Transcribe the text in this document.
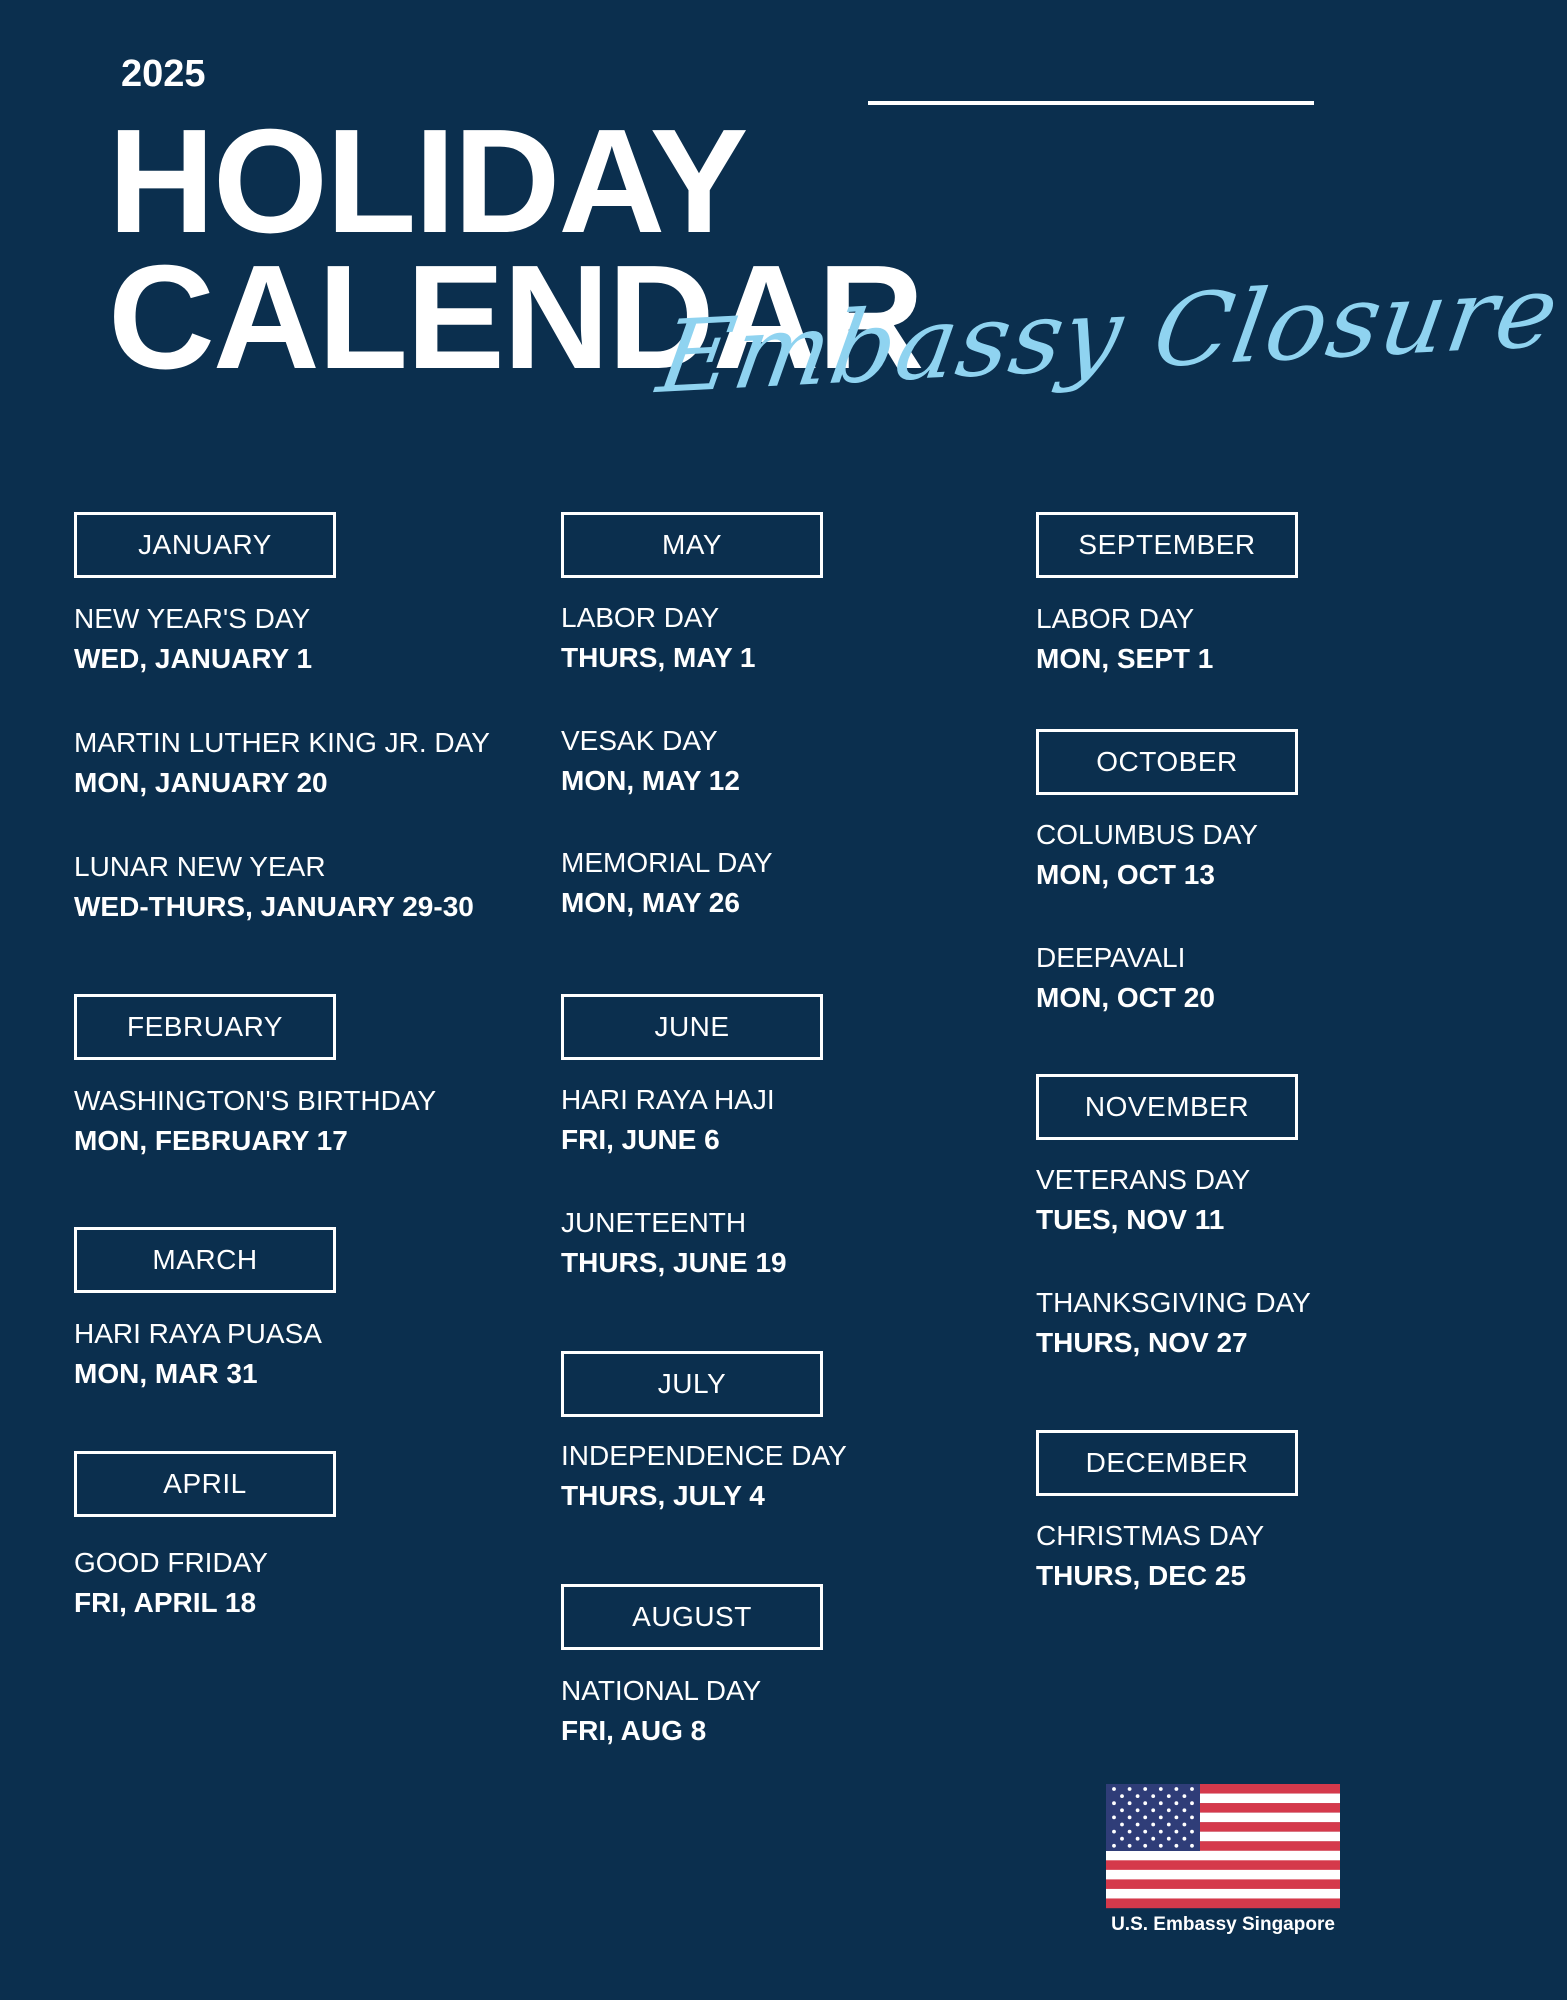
2025
HOLIDAY
CALENDAR
Embassy Closure
JANUARY
NEW YEAR'S DAY
WED, JANUARY 1
MARTIN LUTHER KING JR. DAY
MON, JANUARY 20
LUNAR NEW YEAR
WED-THURS, JANUARY 29-30
FEBRUARY
WASHINGTON'S BIRTHDAY
MON, FEBRUARY 17
MARCH
HARI RAYA PUASA
MON, MAR 31
APRIL
GOOD FRIDAY
FRI, APRIL 18
MAY
LABOR DAY
THURS, MAY 1
VESAK DAY
MON, MAY 12
MEMORIAL DAY
MON, MAY 26
JUNE
HARI RAYA HAJI
FRI, JUNE 6
JUNETEENTH
THURS, JUNE 19
JULY
INDEPENDENCE DAY
THURS, JULY 4
AUGUST
NATIONAL DAY
FRI, AUG 8
SEPTEMBER
LABOR DAY
MON, SEPT 1
OCTOBER
COLUMBUS DAY
MON, OCT 13
DEEPAVALI
MON, OCT 20
NOVEMBER
VETERANS DAY
TUES, NOV 11
THANKSGIVING DAY
THURS, NOV 27
DECEMBER
CHRISTMAS DAY
THURS, DEC 25
U.S. Embassy Singapore
